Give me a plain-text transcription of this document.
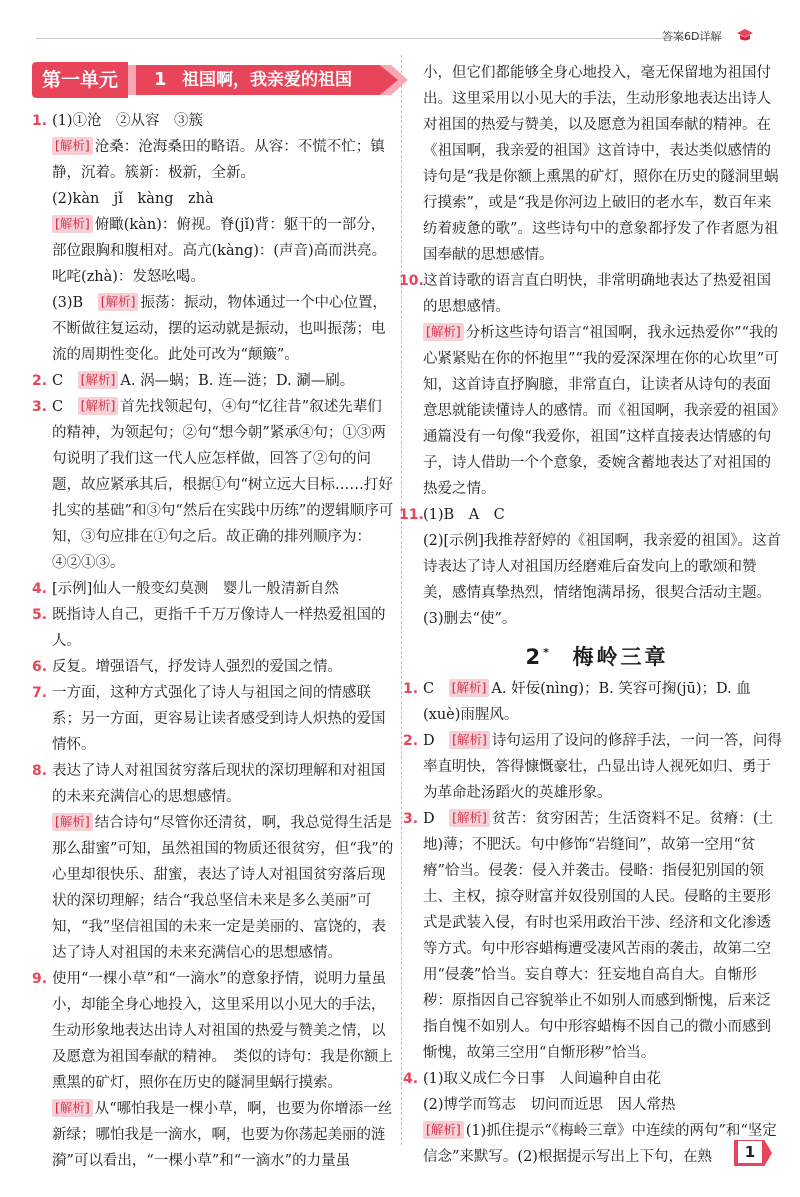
答案6D详解
第一单元	1 祖国啊，我亲爱的祖国
1. (1)①沧　②从容　③簇
[解析] 沧桑：沧海桑田的略语。从容：不慌不忙；镇静，沉着。簇新：极新，全新。
(2)kàn　jǐ　kàng　zhà
[解析] 俯瞰(kàn)：俯视。脊(jǐ)背：躯干的一部分，部位跟胸和腹相对。高亢(kàng)：(声音)高而洪亮。叱咤(zhà)：发怒吆喝。
(3)B  [解析] 振荡：振动，物体通过一个中心位置，不断做往复运动，摆的运动就是振动，也叫振荡；电流的周期性变化。此处可改为“颠簸”。
2. C  [解析] A. 涡—蜗；B. 连—涟；D. 涮—刷。
3. C  [解析] 首先找领起句，④句“忆往昔”叙述先辈们的精神，为领起句；②句“想今朝”紧承④句；①③两句说明了我们这一代人应怎样做，回答了②句的问题，故应紧承其后，根据①句“树立远大目标……打好扎实的基础”和③句“然后在实践中历练”的逻辑顺序可知，③句应排在①句之后。故正确的排列顺序为：④②①③。
4. [示例]仙人一般变幻莫测　婴儿一般清新自然
5. 既指诗人自己，更指千千万万像诗人一样热爱祖国的人。
6. 反复。增强语气，抒发诗人强烈的爱国之情。
7. 一方面，这种方式强化了诗人与祖国之间的情感联系；另一方面，更容易让读者感受到诗人炽热的爱国情怀。
8. 表达了诗人对祖国贫穷落后现状的深切理解和对祖国的未来充满信心的思想感情。
[解析] 结合诗句“尽管你还清贫，啊，我总觉得生活是那么甜蜜”可知，虽然祖国的物质还很贫穷，但“我”的心里却很快乐、甜蜜，表达了诗人对祖国贫穷落后现状的深切理解；结合“我总坚信未来是多么美丽”可知，“我”坚信祖国的未来一定是美丽的、富饶的，表达了诗人对祖国的未来充满信心的思想感情。
9. 使用“一棵小草”和“一滴水”的意象抒情，说明力量虽小，却能全身心地投入，这里采用以小见大的手法，生动形象地表达出诗人对祖国的热爱与赞美之情，以及愿意为祖国奉献的精神。　类似的诗句：我是你额上熏黑的矿灯，照你在历史的隧洞里蜗行摸索。
[解析] 从“哪怕我是一棵小草，啊，也要为你增添一丝新绿；哪怕我是一滴水，啊，也要为你荡起美丽的涟漪”可以看出，“一棵小草”和“一滴水”的力量虽
小，但它们都能够全身心地投入，毫无保留地为祖国付出。这里采用以小见大的手法，生动形象地表达出诗人对祖国的热爱与赞美，以及愿意为祖国奉献的精神。在《祖国啊，我亲爱的祖国》这首诗中，表达类似感情的诗句是“我是你额上熏黑的矿灯，照你在历史的隧洞里蜗行摸索”，或是“我是你河边上破旧的老水车，数百年来纺着疲惫的歌”。这些诗句中的意象都抒发了作者愿为祖国奉献的思想感情。
10. 这首诗歌的语言直白明快，非常明确地表达了热爱祖国的思想感情。
[解析] 分析这些诗句语言“祖国啊，我永远热爱你”“我的心紧紧贴在你的怀抱里”“我的爱深深埋在你的心坎里”可知，这首诗直抒胸臆，非常直白，让读者从诗句的表面意思就能读懂诗人的感情。而《祖国啊，我亲爱的祖国》通篇没有一句像“我爱你，祖国”这样直接表达情感的句子，诗人借助一个个意象，委婉含蓄地表达了对祖国的热爱之情。
11. (1)B　A　C
(2)[示例]我推荐舒婷的《祖国啊，我亲爱的祖国》。这首诗表达了诗人对祖国历经磨难后奋发向上的歌颂和赞美，感情真挚热烈，情绪饱满昂扬，很契合活动主题。
(3)删去“使”。
2* 梅岭三章
1. C  [解析] A. 奸佞(nìng)；B. 笑容可掬(jū)；D. 血(xuè)雨腥风。
2. D  [解析] 诗句运用了设问的修辞手法，一问一答，问得率直明快，答得慷慨豪壮，凸显出诗人视死如归、勇于为革命赴汤蹈火的英雄形象。
3. D  [解析] 贫苦：贫穷困苦；生活资料不足。贫瘠：(土地)薄；不肥沃。句中修饰“岩缝间”，故第一空用“贫瘠”恰当。侵袭：侵入并袭击。侵略：指侵犯别国的领土、主权，掠夺财富并奴役别国的人民。侵略的主要形式是武装入侵，有时也采用政治干涉、经济和文化渗透等方式。句中形容蜡梅遭受凄风苦雨的袭击，故第二空用“侵袭”恰当。妄自尊大：狂妄地自高自大。自惭形秽：原指因自己容貌举止不如别人而感到惭愧，后来泛指自愧不如别人。句中形容蜡梅不因自己的微小而感到惭愧，故第三空用“自惭形秽”恰当。
4. (1)取义成仁今日事　人间遍种自由花
(2)博学而笃志　切问而近思　因人常热
[解析] (1)抓住提示“《梅岭三章》中连续的两句”和“坚定信念”来默写。(2)根据提示写出上下句，在熟	1
